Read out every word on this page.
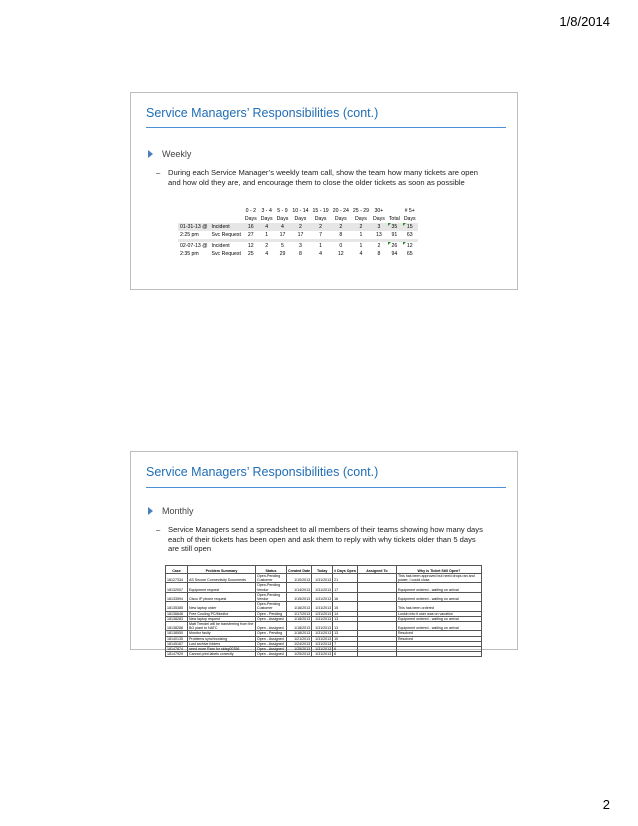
1/8/2014
Service Managers’ Responsibilities (cont.)
Weekly
– During each Service Manager’s weekly team call, show the team how many tickets are open and how old they are, and encourage them to close the older tickets as soon as possible
		0 - 2	3 - 4	5 - 9	10 - 14	15 - 19	20 - 24	25 - 29	30+		# 5+
		Days	Days	Days	Days	Days	Days	Days	Days	Total	Days
01-31-13 @	Incident	16	4	4	2	2	2	2	3	35	15
2:25 pm	Svc Request	27	1	17	17	7	8	1	13	91	63

02-07-13 @	Incident	12	2	5	3	1	0	1	2	26	12
2:35 pm	Svc Request	25	4	29	8	4	12	4	8	94	65
Service Managers’ Responsibilities (cont.)
Monthly
– Service Managers send a spreadsheet to all members of their teams showing how many days each of their tickets has been open and ask them to reply with why tickets older than 5 days are still open
Case	Problem Summary	Status	Created Date	Today	# Days Open	Assigned To	Why is Ticket Still Open?
18127334	AS Secure Connectivity Documents	Open-Pending Customer	1/10/2013	1/31/2013	21		This has been approved but need drops ran and power, I could close
18132007	Equipment request	Open-Pending Vendor	1/14/2013	1/31/2013	17		Equipment ordered - waiting on arrival
18133594	Cisco IP phone request	Open-Pending Vendor	1/15/2013	1/31/2013	16		Equipment ordered - waiting on arrival
18135385	New laptop order	Open-Pending Customer	1/16/2013	1/31/2013	15		This has been ordered
18136646	Free Cooling PC/Monitor	Open - Pending	1/17/2013	1/31/2013	14		Lookin into it user was on vacation
18138283	New laptop request	Open - Assigned	1/18/2013	1/31/2013	13		Equipment ordered - waiting on arrival
18138288	Matt Trendel will be transferring from the BG plant to NATC	Open - Assigned	1/18/2013	1/31/2013	13		Equipment ordered - waiting on arrival
18138550	Monitor faulty	Open - Pending	1/18/2013	1/31/2013	13		Resolved
18140135	Problems synchronizing	Open - Assigned	1/21/2013	1/31/2013	10		Resolved
18145167	Lost archive folders	Open - Assigned	1/24/2013	1/31/2013	7		
18147874	need more Ram for sidsg00356	Open - Assigned	1/25/2013	1/31/2013	6		
18147929	Cannot print labels correctly	Open - Assigned	1/25/2013	1/31/2013	6		
2
